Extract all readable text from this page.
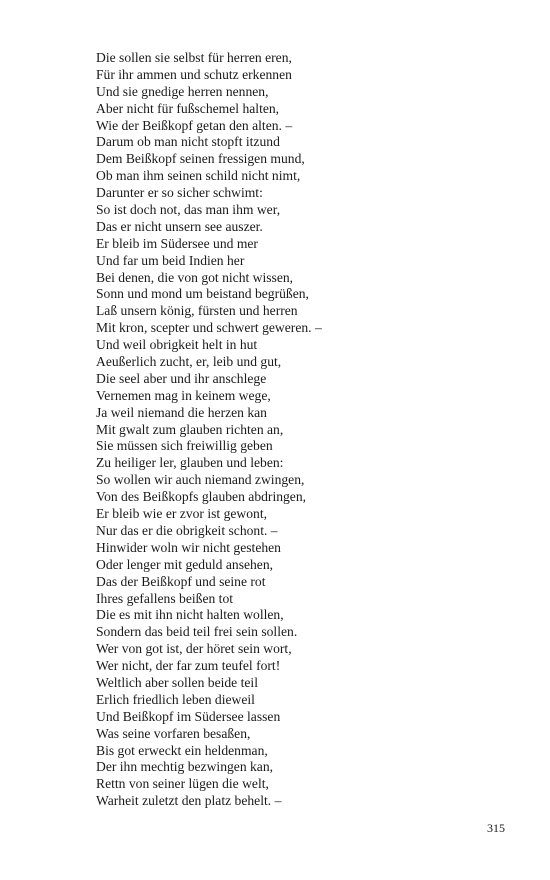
Die sollen sie selbst für herren eren,
Für ihr ammen und schutz erkennen
Und sie gnedige herren nennen,
Aber nicht für fußschemel halten,
Wie der Beißkopf getan den alten. –
Darum ob man nicht stopft itzund
Dem Beißkopf seinen fressigen mund,
Ob man ihm seinen schild nicht nimt,
Darunter er so sicher schwimt:
So ist doch not, das man ihm wer,
Das er nicht unsern see auszer.
Er bleib im Südersee und mer
Und far um beid Indien her
Bei denen, die von got nicht wissen,
Sonn und mond um beistand begrüßen,
Laß unsern könig, fürsten und herren
Mit kron, scepter und schwert geweren. –
Und weil obrigkeit helt in hut
Aeußerlich zucht, er, leib und gut,
Die seel aber und ihr anschlege
Vernemen mag in keinem wege,
Ja weil niemand die herzen kan
Mit gwalt zum glauben richten an,
Sie müssen sich freiwillig geben
Zu heiliger ler, glauben und leben:
So wollen wir auch niemand zwingen,
Von des Beißkopfs glauben abdringen,
Er bleib wie er zvor ist gewont,
Nur das er die obrigkeit schont. –
Hinwider woln wir nicht gestehen
Oder lenger mit geduld ansehen,
Das der Beißkopf und seine rot
Ihres gefallens beißen tot
Die es mit ihn nicht halten wollen,
Sondern das beid teil frei sein sollen.
Wer von got ist, der höret sein wort,
Wer nicht, der far zum teufel fort!
Weltlich aber sollen beide teil
Erlich friedlich leben dieweil
Und Beißkopf im Südersee lassen
Was seine vorfaren besaßen,
Bis got erweckt ein heldenman,
Der ihn mechtig bezwingen kan,
Rettn von seiner lügen die welt,
Warheit zuletzt den platz behelt. –
315
